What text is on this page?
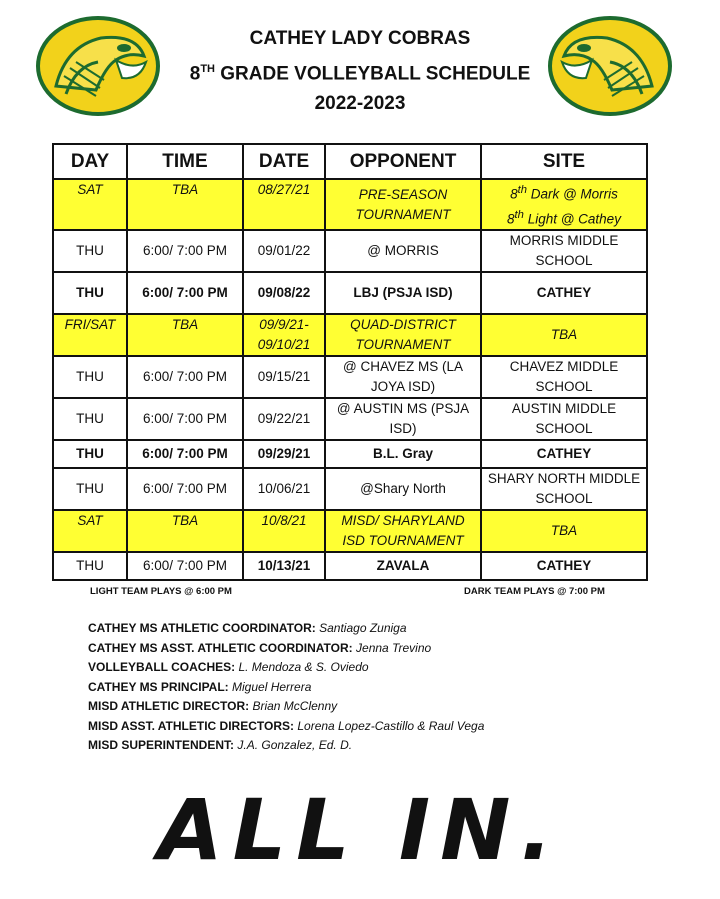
CATHEY LADY COBRAS
8TH GRADE VOLLEYBALL SCHEDULE
2022-2023
DAY	TIME	DATE	OPPONENT	SITE
SAT	TBA	08/27/21	PRE-SEASON TOURNAMENT	8th Dark @ Morris
8th Light @ Cathey

THU	6:00/ 7:00 PM	09/01/22	@ MORRIS	MORRIS MIDDLE SCHOOL
THU	6:00/ 7:00 PM	09/08/22	LBJ (PSJA ISD)	CATHEY
FRI/SAT	TBA	09/9/21- 09/10/21	QUAD-DISTRICT TOURNAMENT	TBA
THU	6:00/ 7:00 PM	09/15/21	@ CHAVEZ MS (LA JOYA ISD)	CHAVEZ MIDDLE SCHOOL
THU	6:00/ 7:00 PM	09/22/21	@ AUSTIN MS (PSJA ISD)	AUSTIN MIDDLE SCHOOL
THU	6:00/ 7:00 PM	09/29/21	B.L. Gray	CATHEY
THU	6:00/ 7:00 PM	10/06/21	@Shary North	SHARY NORTH MIDDLE SCHOOL
SAT	TBA	10/8/21	MISD/ SHARYLAND ISD TOURNAMENT	TBA
THU	6:00/ 7:00 PM	10/13/21	ZAVALA	CATHEY
LIGHT TEAM PLAYS @ 6:00 PM	DARK TEAM PLAYS @ 7:00 PM
CATHEY MS ATHLETIC COORDINATOR: Santiago Zuniga
CATHEY MS ASST. ATHLETIC COORDINATOR: Jenna Trevino
VOLLEYBALL COACHES: L. Mendoza & S. Oviedo
CATHEY MS PRINCIPAL: Miguel Herrera
MISD ATHLETIC DIRECTOR: Brian McClenny
MISD ASST. ATHLETIC DIRECTORS: Lorena Lopez-Castillo & Raul Vega
MISD SUPERINTENDENT: J.A. Gonzalez, Ed. D.
ALL IN.
